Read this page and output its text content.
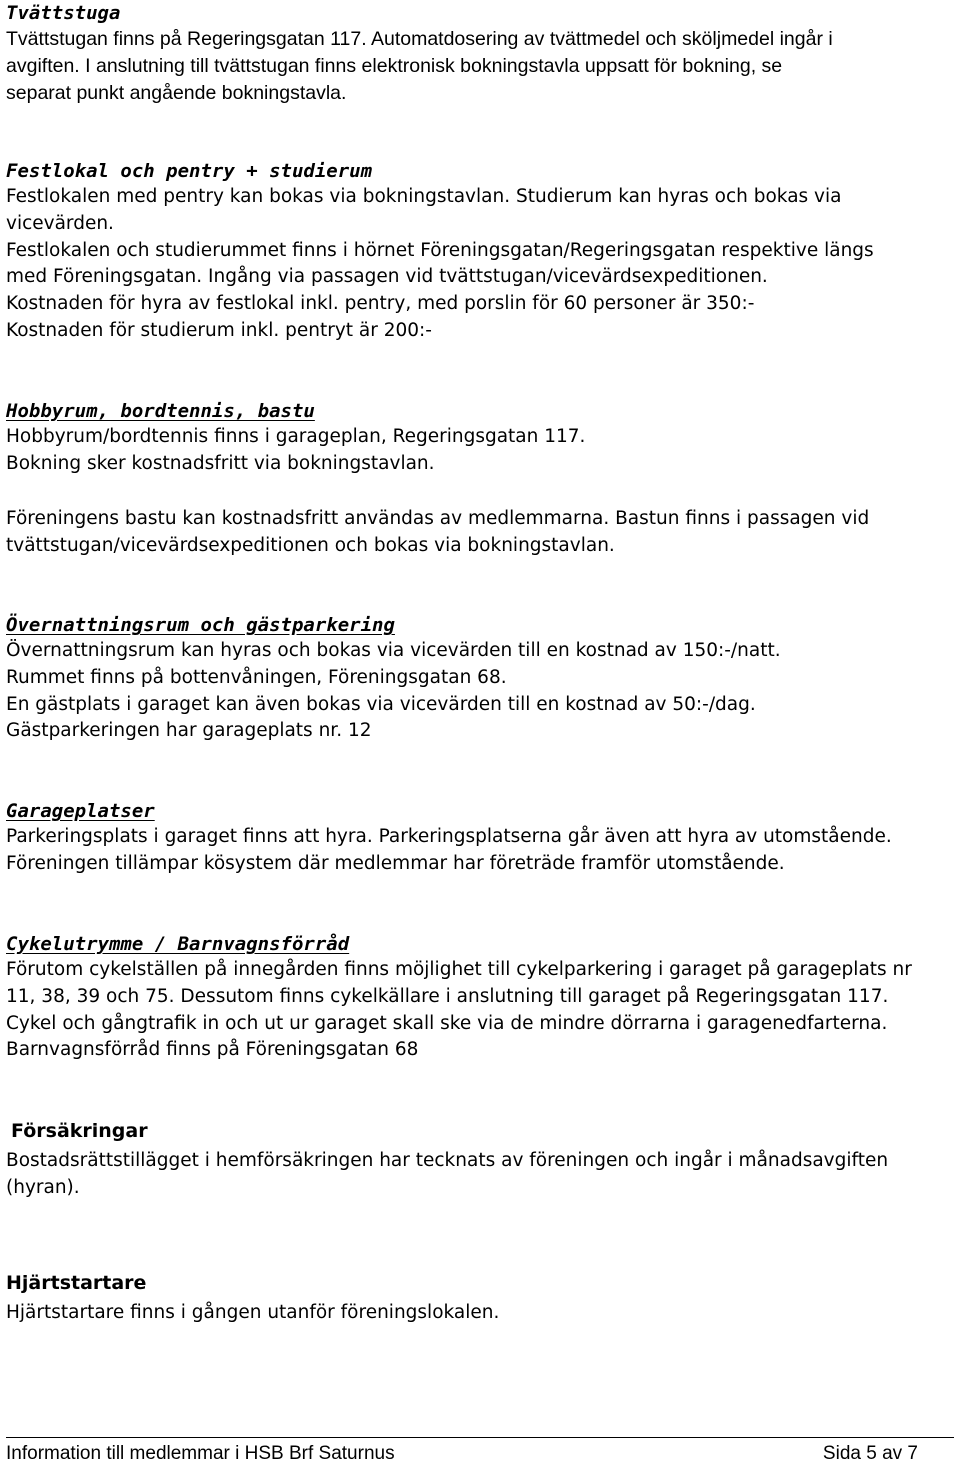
Tvättstuga

Tvättstugan finns på Regeringsgatan 117. Automatdosering av tvättmedel och sköljmedel ingår i

avgiften. I anslutning till tvättstugan finns elektronisk bokningstavla uppsatt för bokning, se

separat punkt angående bokningstavla.

Festlokal och pentry + studierum

Festlokalen med pentry kan bokas via bokningstavlan. Studierum kan hyras och bokas via

vicevärden.

Festlokalen och studierummet finns i hörnet Föreningsgatan/Regeringsgatan respektive längs

med Föreningsgatan. Ingång via passagen vid tvättstugan/vicevärdsexpeditionen.

Kostnaden för hyra av festlokal inkl. pentry, med porslin för 60 personer är 350:-

Kostnaden för studierum inkl. pentryt är 200:-

Hobbyrum, bordtennis, bastu

Hobbyrum/bordtennis finns i garageplan, Regeringsgatan 117.

Bokning sker kostnadsfritt via bokningstavlan.

Föreningens bastu kan kostnadsfritt användas av medlemmarna. Bastun finns i passagen vid

tvättstugan/vicevärdsexpeditionen och bokas via bokningstavlan.

Övernattningsrum och gästparkering

Övernattningsrum kan hyras och bokas via vicevärden till en kostnad av 150:-/natt.

Rummet finns på bottenvåningen, Föreningsgatan 68.

En gästplats i garaget kan även bokas via vicevärden till en kostnad av 50:-/dag.

Gästparkeringen har garageplats nr. 12

Garageplatser

Parkeringsplats i garaget finns att hyra. Parkeringsplatserna går även att hyra av utomstående.

Föreningen tillämpar kösystem där medlemmar har företräde framför utomstående.

Cykelutrymme / Barnvagnsförråd

Förutom cykelställen på innegården finns möjlighet till cykelparkering i garaget på garageplats nr

11, 38, 39 och 75. Dessutom finns cykelkällare i anslutning till garaget på Regeringsgatan 117.

Cykel och gångtrafik in och ut ur garaget skall ske via de mindre dörrarna i garagenedfarterna.

Barnvagnsförråd finns på Föreningsgatan 68

Försäkringar

Bostadsrättstillägget i hemförsäkringen har tecknats av föreningen och ingår i månadsavgiften

(hyran).

Hjärtstartare

Hjärtstartare finns i gången utanför föreningslokalen.

Information till medlemmar i HSB Brf Saturnus	Sida 5 av 7
